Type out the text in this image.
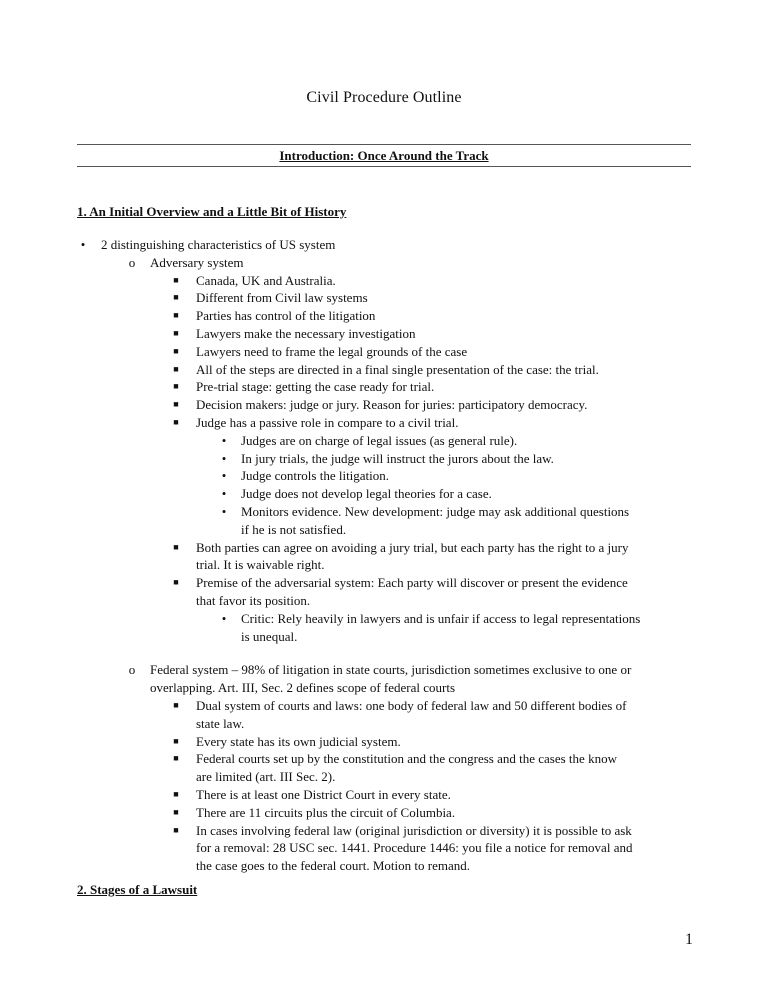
Civil Procedure Outline
Introduction: Once Around the Track
1. An Initial Overview and a Little Bit of History
• 2 distinguishing characteristics of US system
o Adversary system
■ Canada, UK and Australia.
■ Different from Civil law systems
■ Parties has control of the litigation
■ Lawyers make the necessary investigation
■ Lawyers need to frame the legal grounds of the case
■ All of the steps are directed in a final single presentation of the case: the trial.
■ Pre-trial stage: getting the case ready for trial.
■ Decision makers: judge or jury. Reason for juries: participatory democracy.
■ Judge has a passive role in compare to a civil trial.
• Judges are on charge of legal issues (as general rule).
• In jury trials, the judge will instruct the jurors about the law.
• Judge controls the litigation.
• Judge does not develop legal theories for a case.
• Monitors evidence. New development: judge may ask additional questions
if he is not satisfied.
■ Both parties can agree on avoiding a jury trial, but each party has the right to a jury
trial. It is waivable right.
■ Premise of the adversarial system: Each party will discover or present the evidence
that favor its position.
• Critic: Rely heavily in lawyers and is unfair if access to legal representations
is unequal.
o Federal system – 98% of litigation in state courts, jurisdiction sometimes exclusive to one or
overlapping. Art. III, Sec. 2 defines scope of federal courts
■ Dual system of courts and laws: one body of federal law and 50 different bodies of
state law.
■ Every state has its own judicial system.
■ Federal courts set up by the constitution and the congress and the cases the know
are limited (art. III Sec. 2).
■ There is at least one District Court in every state.
■ There are 11 circuits plus the circuit of Columbia.
■ In cases involving federal law (original jurisdiction or diversity) it is possible to ask
for a removal: 28 USC sec. 1441. Procedure 1446: you file a notice for removal and
the case goes to the federal court. Motion to remand.
2. Stages of a Lawsuit
1
